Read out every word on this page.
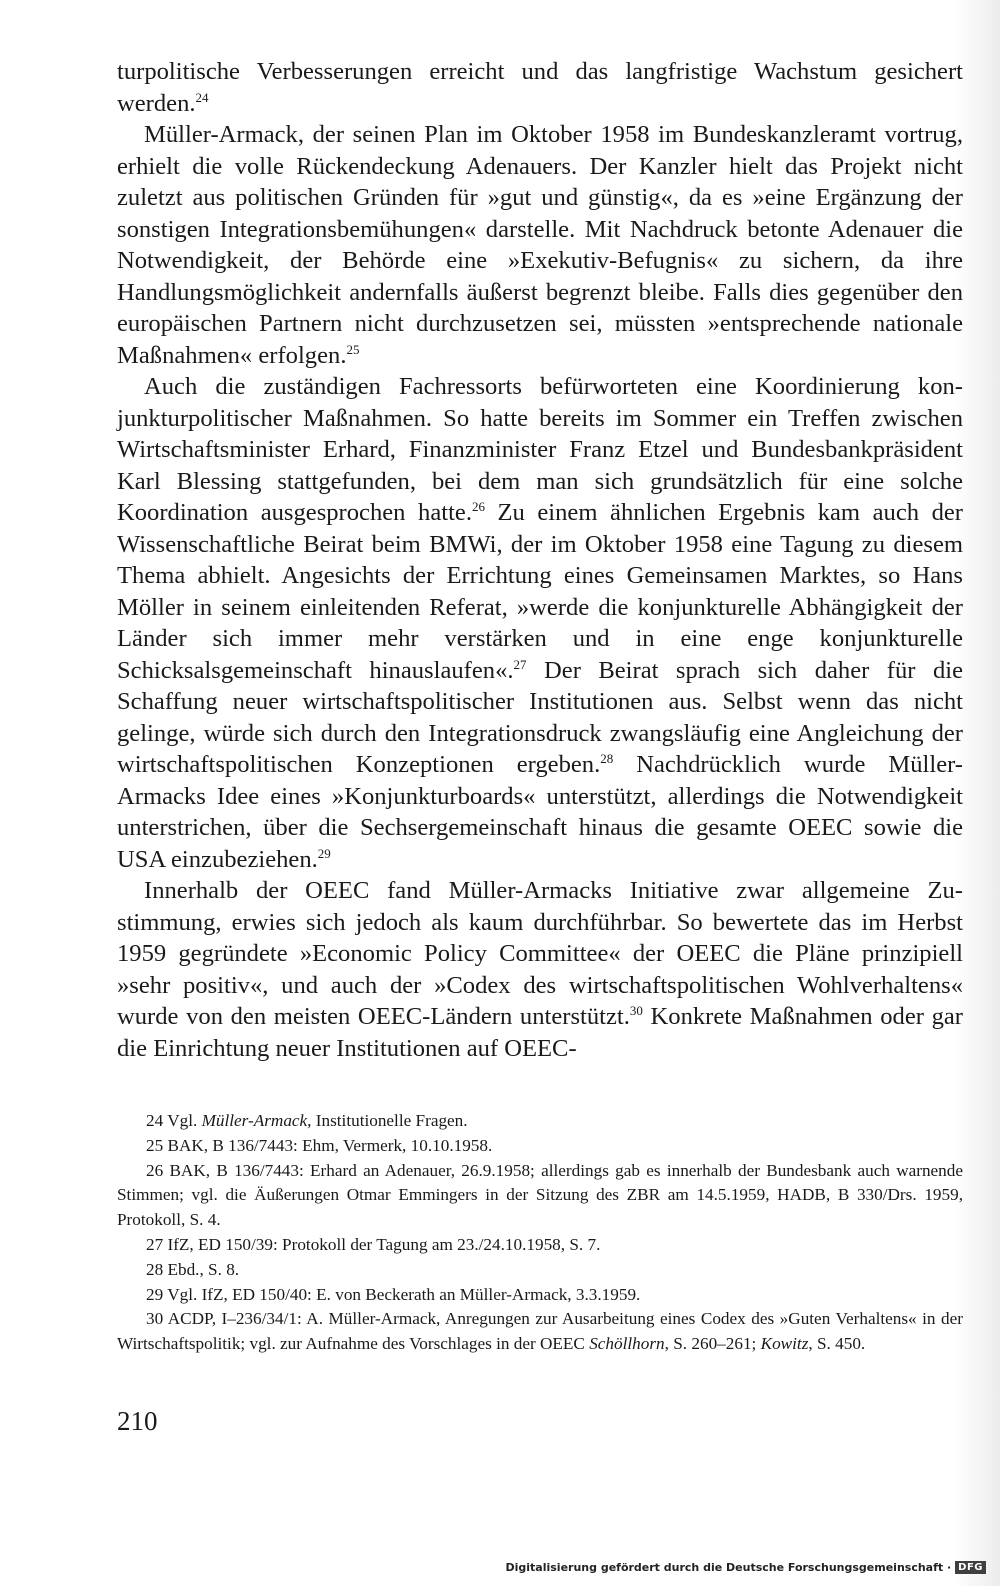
turpolitische Verbesserungen erreicht und das langfristige Wachstum gesichert werden.$^{24}$

Müller-Armack, der seinen Plan im Oktober 1958 im Bundeskanzleramt vortrug, erhielt die volle Rückendeckung Adenauers. Der Kanzler hielt das Projekt nicht zuletzt aus politischen Gründen für »gut und günstig«, da es »eine Ergänzung der sonstigen Integrationsbemühungen« darstelle. Mit Nachdruck betonte Adenauer die Notwendigkeit, der Behörde eine »Exekutiv-Befugnis« zu sichern, da ihre Handlungsmöglichkeit andernfalls äußerst begrenzt bleibe. Falls dies gegenüber den europäischen Partnern nicht durchzusetzen sei, müssten »entsprechende nationale Maßnahmen« erfolgen.$^{25}$

Auch die zuständigen Fachressorts befürworteten eine Koordinierung konjunkturpolitischer Maßnahmen. So hatte bereits im Sommer ein Treffen zwischen Wirtschaftsminister Erhard, Finanzminister Franz Etzel und Bundesbankpräsident Karl Blessing stattgefunden, bei dem man sich grundsätzlich für eine solche Koordination ausgesprochen hatte.$^{26}$ Zu einem ähnlichen Ergebnis kam auch der Wissenschaftliche Beirat beim BMWi, der im Oktober 1958 eine Tagung zu diesem Thema abhielt. Angesichts der Errichtung eines Gemeinsamen Marktes, so Hans Möller in seinem einleitenden Referat, »werde die konjunkturelle Abhängigkeit der Länder sich immer mehr verstärken und in eine enge konjunkturelle Schicksalsgemeinschaft hinauslaufen«.$^{27}$ Der Beirat sprach sich daher für die Schaffung neuer wirtschaftspolitischer Institutionen aus. Selbst wenn das nicht gelinge, würde sich durch den Integrationsdruck zwangsläufig eine Angleichung der wirtschaftspolitischen Konzeptionen ergeben.$^{28}$ Nachdrücklich wurde Müller-Armacks Idee eines »Konjunkturboards« unterstützt, allerdings die Notwendigkeit unterstrichen, über die Sechsergemeinschaft hinaus die gesamte OEEC sowie die USA einzubeziehen.$^{29}$

Innerhalb der OEEC fand Müller-Armacks Initiative zwar allgemeine Zustimmung, erwies sich jedoch als kaum durchführbar. So bewertete das im Herbst 1959 gegründete »Economic Policy Committee« der OEEC die Pläne prinzipiell »sehr positiv«, und auch der »Codex des wirtschaftspolitischen Wohlverhaltens« wurde von den meisten OEEC-Ländern unterstützt.$^{30}$ Konkrete Maßnahmen oder gar die Einrichtung neuer Institutionen auf OEEC-

24 Vgl. Müller-Armack, Institutionelle Fragen.

25 BAK, B 136/7443: Ehm, Vermerk, 10.10.1958.

26 BAK, B 136/7443: Erhard an Adenauer, 26.9.1958; allerdings gab es innerhalb der Bundesbank auch warnende Stimmen; vgl. die Äußerungen Otmar Emmingers in der Sitzung des ZBR am 14.5.1959, HADB, B 330/Drs. 1959, Protokoll, S. 4.

27 IfZ, ED 150/39: Protokoll der Tagung am 23./24.10.1958, S. 7.

28 Ebd., S. 8.

29 Vgl. IfZ, ED 150/40: E. von Beckerath an Müller-Armack, 3.3.1959.

30 ACDP, I–236/34/1: A. Müller-Armack, Anregungen zur Ausarbeitung eines Codex des »Guten Verhaltens« in der Wirtschaftspolitik; vgl. zur Aufnahme des Vorschlages in der OEEC Schöllhorn, S. 260–261; Kowitz, S. 450.

210
Digitalisierung gefördert durch die Deutsche Forschungsgemeinschaft · DFG
